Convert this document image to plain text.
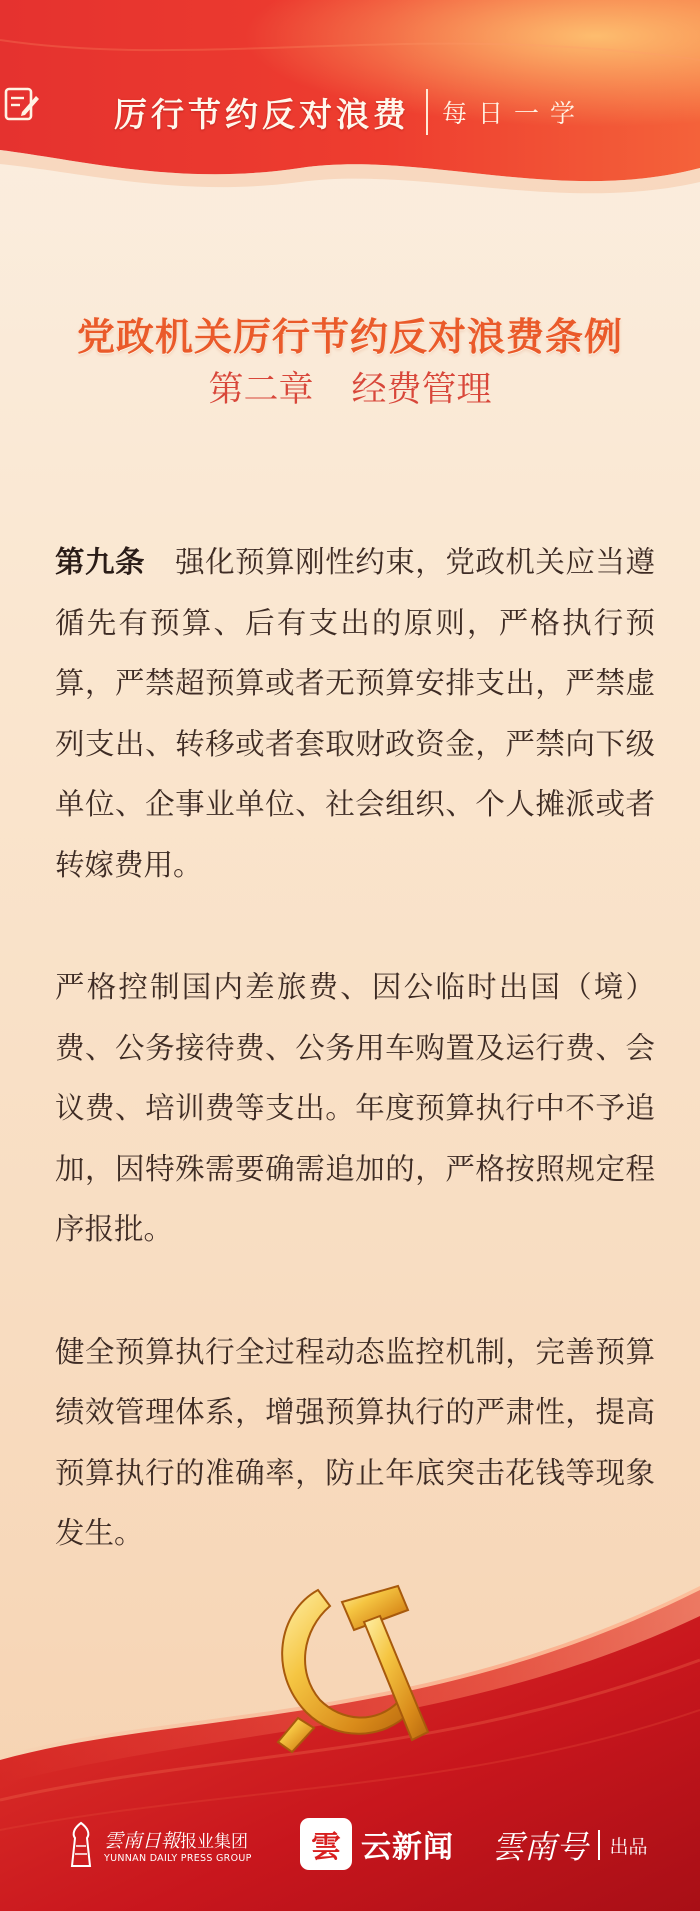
厉行节约反对浪费 每日一学
党政机关厉行节约反对浪费条例
第二章 经费管理

第九条 强化预算刚性约束，党政机关应当遵循先有预算、后有支出的原则，严格执行预算，严禁超预算或者无预算安排支出，严禁虚列支出、转移或者套取财政资金，严禁向下级单位、企事业单位、社会组织、个人摊派或者转嫁费用。

严格控制国内差旅费、因公临时出国（境）费、公务接待费、公务用车购置及运行费、会议费、培训费等支出。年度预算执行中不予追加，因特殊需要确需追加的，严格按照规定程序报批。

健全预算执行全过程动态监控机制，完善预算绩效管理体系，增强预算执行的严肃性，提高预算执行的准确率，防止年底突击花钱等现象发生。

雲南日報报业集团
YUNNAN DAILY PRESS GROUP	雲 云新闻 雲南号 出品
